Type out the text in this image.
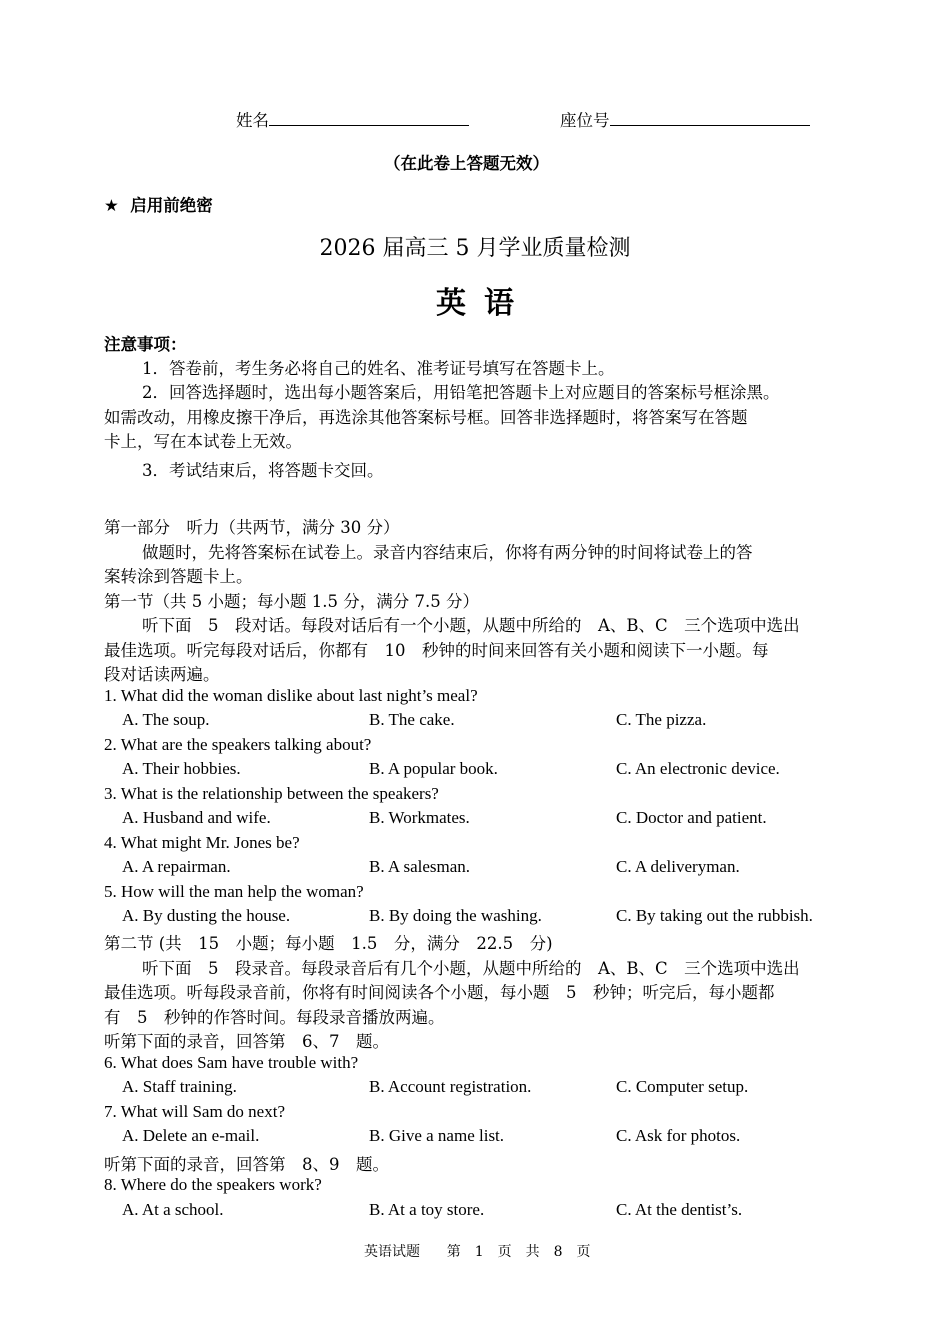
姓名	座位号
（在此卷上答题无效）
★ 启用前绝密
2026 届高三 5 月学业质量检测
英语
注意事项：
1．答卷前，考生务必将自己的姓名、准考证号填写在答题卡上。
2．回答选择题时，选出每小题答案后，用铅笔把答题卡上对应题目的答案标号框涂黑。
如需改动，用橡皮擦干净后，再选涂其他答案标号框。回答非选择题时，将答案写在答题
卡上，写在本试卷上无效。
3．考试结束后，将答题卡交回。
第一部分　听力（共两节，满分 30 分）
做题时，先将答案标在试卷上。录音内容结束后，你将有两分钟的时间将试卷上的答
案转涂到答题卡上。
第一节（共 5 小题；每小题 1.5 分，满分 7.5 分）
听下面　5　段对话。每段对话后有一个小题，从题中所给的　A、B、C　三个选项中选出
最佳选项。听完每段对话后，你都有　10　秒钟的时间来回答有关小题和阅读下一小题。每
段对话读两遍。
1. What did the woman dislike about last night’s meal?
A. The soup.	B. The cake.	C. The pizza.
2. What are the speakers talking about?
A. Their hobbies.	B. A popular book.	C. An electronic device.
3. What is the relationship between the speakers?
A. Husband and wife.	B. Workmates.	C. Doctor and patient.
4. What might Mr. Jones be?
A. A repairman.	B. A salesman.	C. A deliveryman.
5. How will the man help the woman?
A. By dusting the house.	B. By doing the washing.	C. By taking out the rubbish.
第二节 (共　15　小题；每小题　1.5　分，满分　22.5　分)
听下面　5　段录音。每段录音后有几个小题，从题中所给的　A、B、C　三个选项中选出
最佳选项。听每段录音前，你将有时间阅读各个小题，每小题　5　秒钟；听完后，每小题都
有　5　秒钟的作答时间。每段录音播放两遍。
听第下面的录音，回答第　6、7　题。
6. What does Sam have trouble with?
A. Staff training.	B. Account registration.	C. Computer setup.
7. What will Sam do next?
A. Delete an e-mail.	B. Give a name list.	C. Ask for photos.
听第下面的录音，回答第　8、9　题。
8. Where do the speakers work?
A. At a school.	B. At a toy store.	C. At the dentist’s.
英语试题 第　1　页　共　8　页
